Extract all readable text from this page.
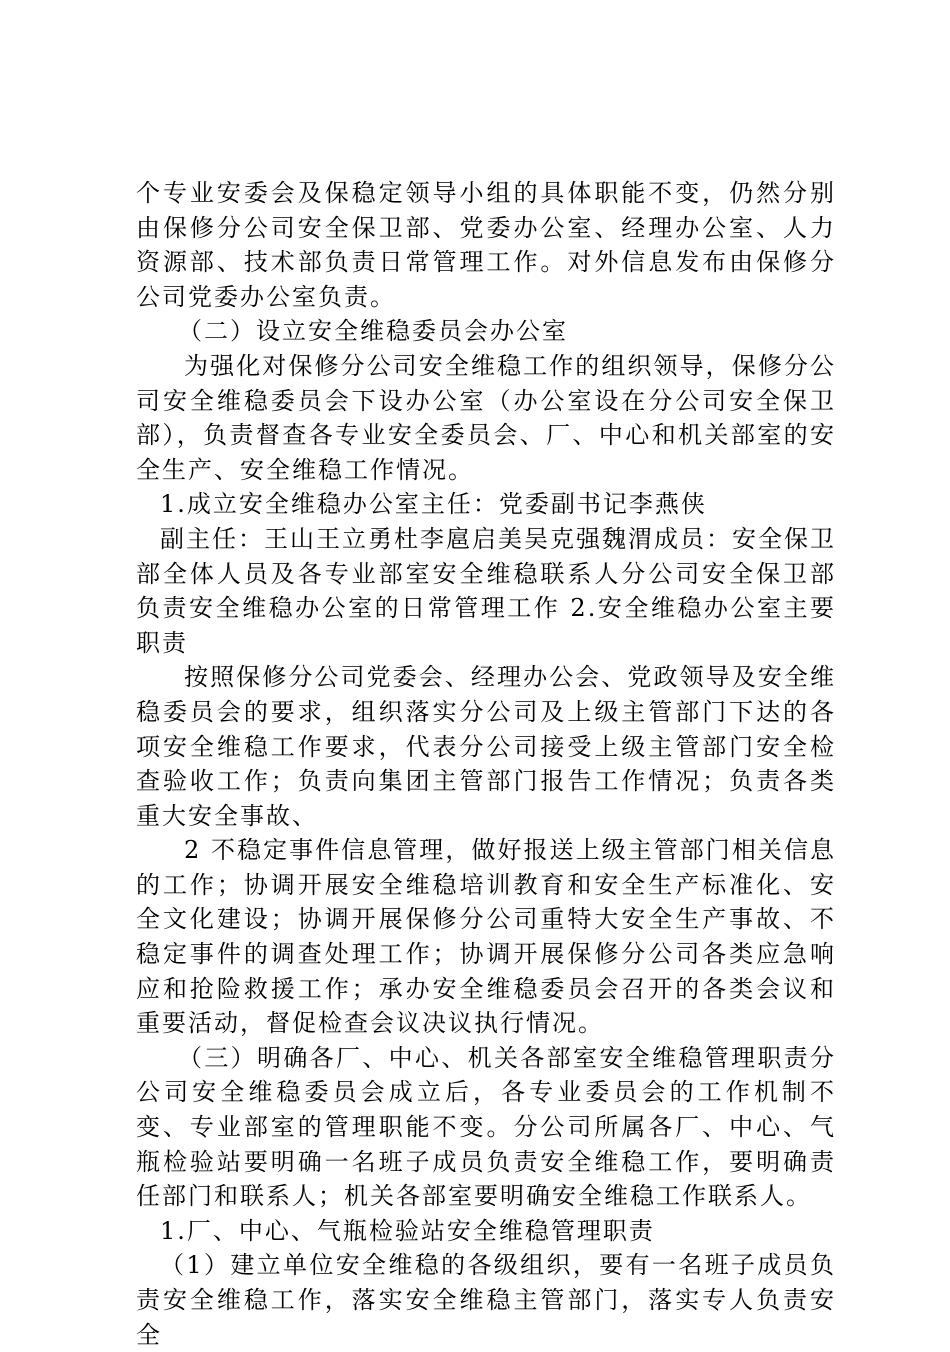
个专业安委会及保稳定领导小组的具体职能不变，仍然分别由保修分公司安全保卫部、党委办公室、经理办公室、人力资源部、技术部负责日常管理工作。对外信息发布由保修分公司党委办公室负责。

（二）设立安全维稳委员会办公室

为强化对保修分公司安全维稳工作的组织领导，保修分公司安全维稳委员会下设办公室（办公室设在分公司安全保卫部），负责督查各专业安全委员会、厂、中心和机关部室的安全生产、安全维稳工作情况。

1.成立安全维稳办公室主任：党委副书记李燕侠

副主任：王山王立勇杜李扈启美吴克强魏渭成员：安全保卫部全体人员及各专业部室安全维稳联系人分公司安全保卫部负责安全维稳办公室的日常管理工作 2.安全维稳办公室主要职责

按照保修分公司党委会、经理办公会、党政领导及安全维稳委员会的要求，组织落实分公司及上级主管部门下达的各项安全维稳工作要求，代表分公司接受上级主管部门安全检查验收工作；负责向集团主管部门报告工作情况；负责各类重大安全事故、

2 不稳定事件信息管理，做好报送上级主管部门相关信息的工作；协调开展安全维稳培训教育和安全生产标准化、安全文化建设；协调开展保修分公司重特大安全生产事故、不稳定事件的调查处理工作；协调开展保修分公司各类应急响应和抢险救援工作；承办安全维稳委员会召开的各类会议和重要活动，督促检查会议决议执行情况。

（三）明确各厂、中心、机关各部室安全维稳管理职责分公司安全维稳委员会成立后，各专业委员会的工作机制不变、专业部室的管理职能不变。分公司所属各厂、中心、气瓶检验站要明确一名班子成员负责安全维稳工作，要明确责任部门和联系人；机关各部室要明确安全维稳工作联系人。

1.厂、中心、气瓶检验站安全维稳管理职责

（1）建立单位安全维稳的各级组织，要有一名班子成员负责安全维稳工作，落实安全维稳主管部门，落实专人负责安全
